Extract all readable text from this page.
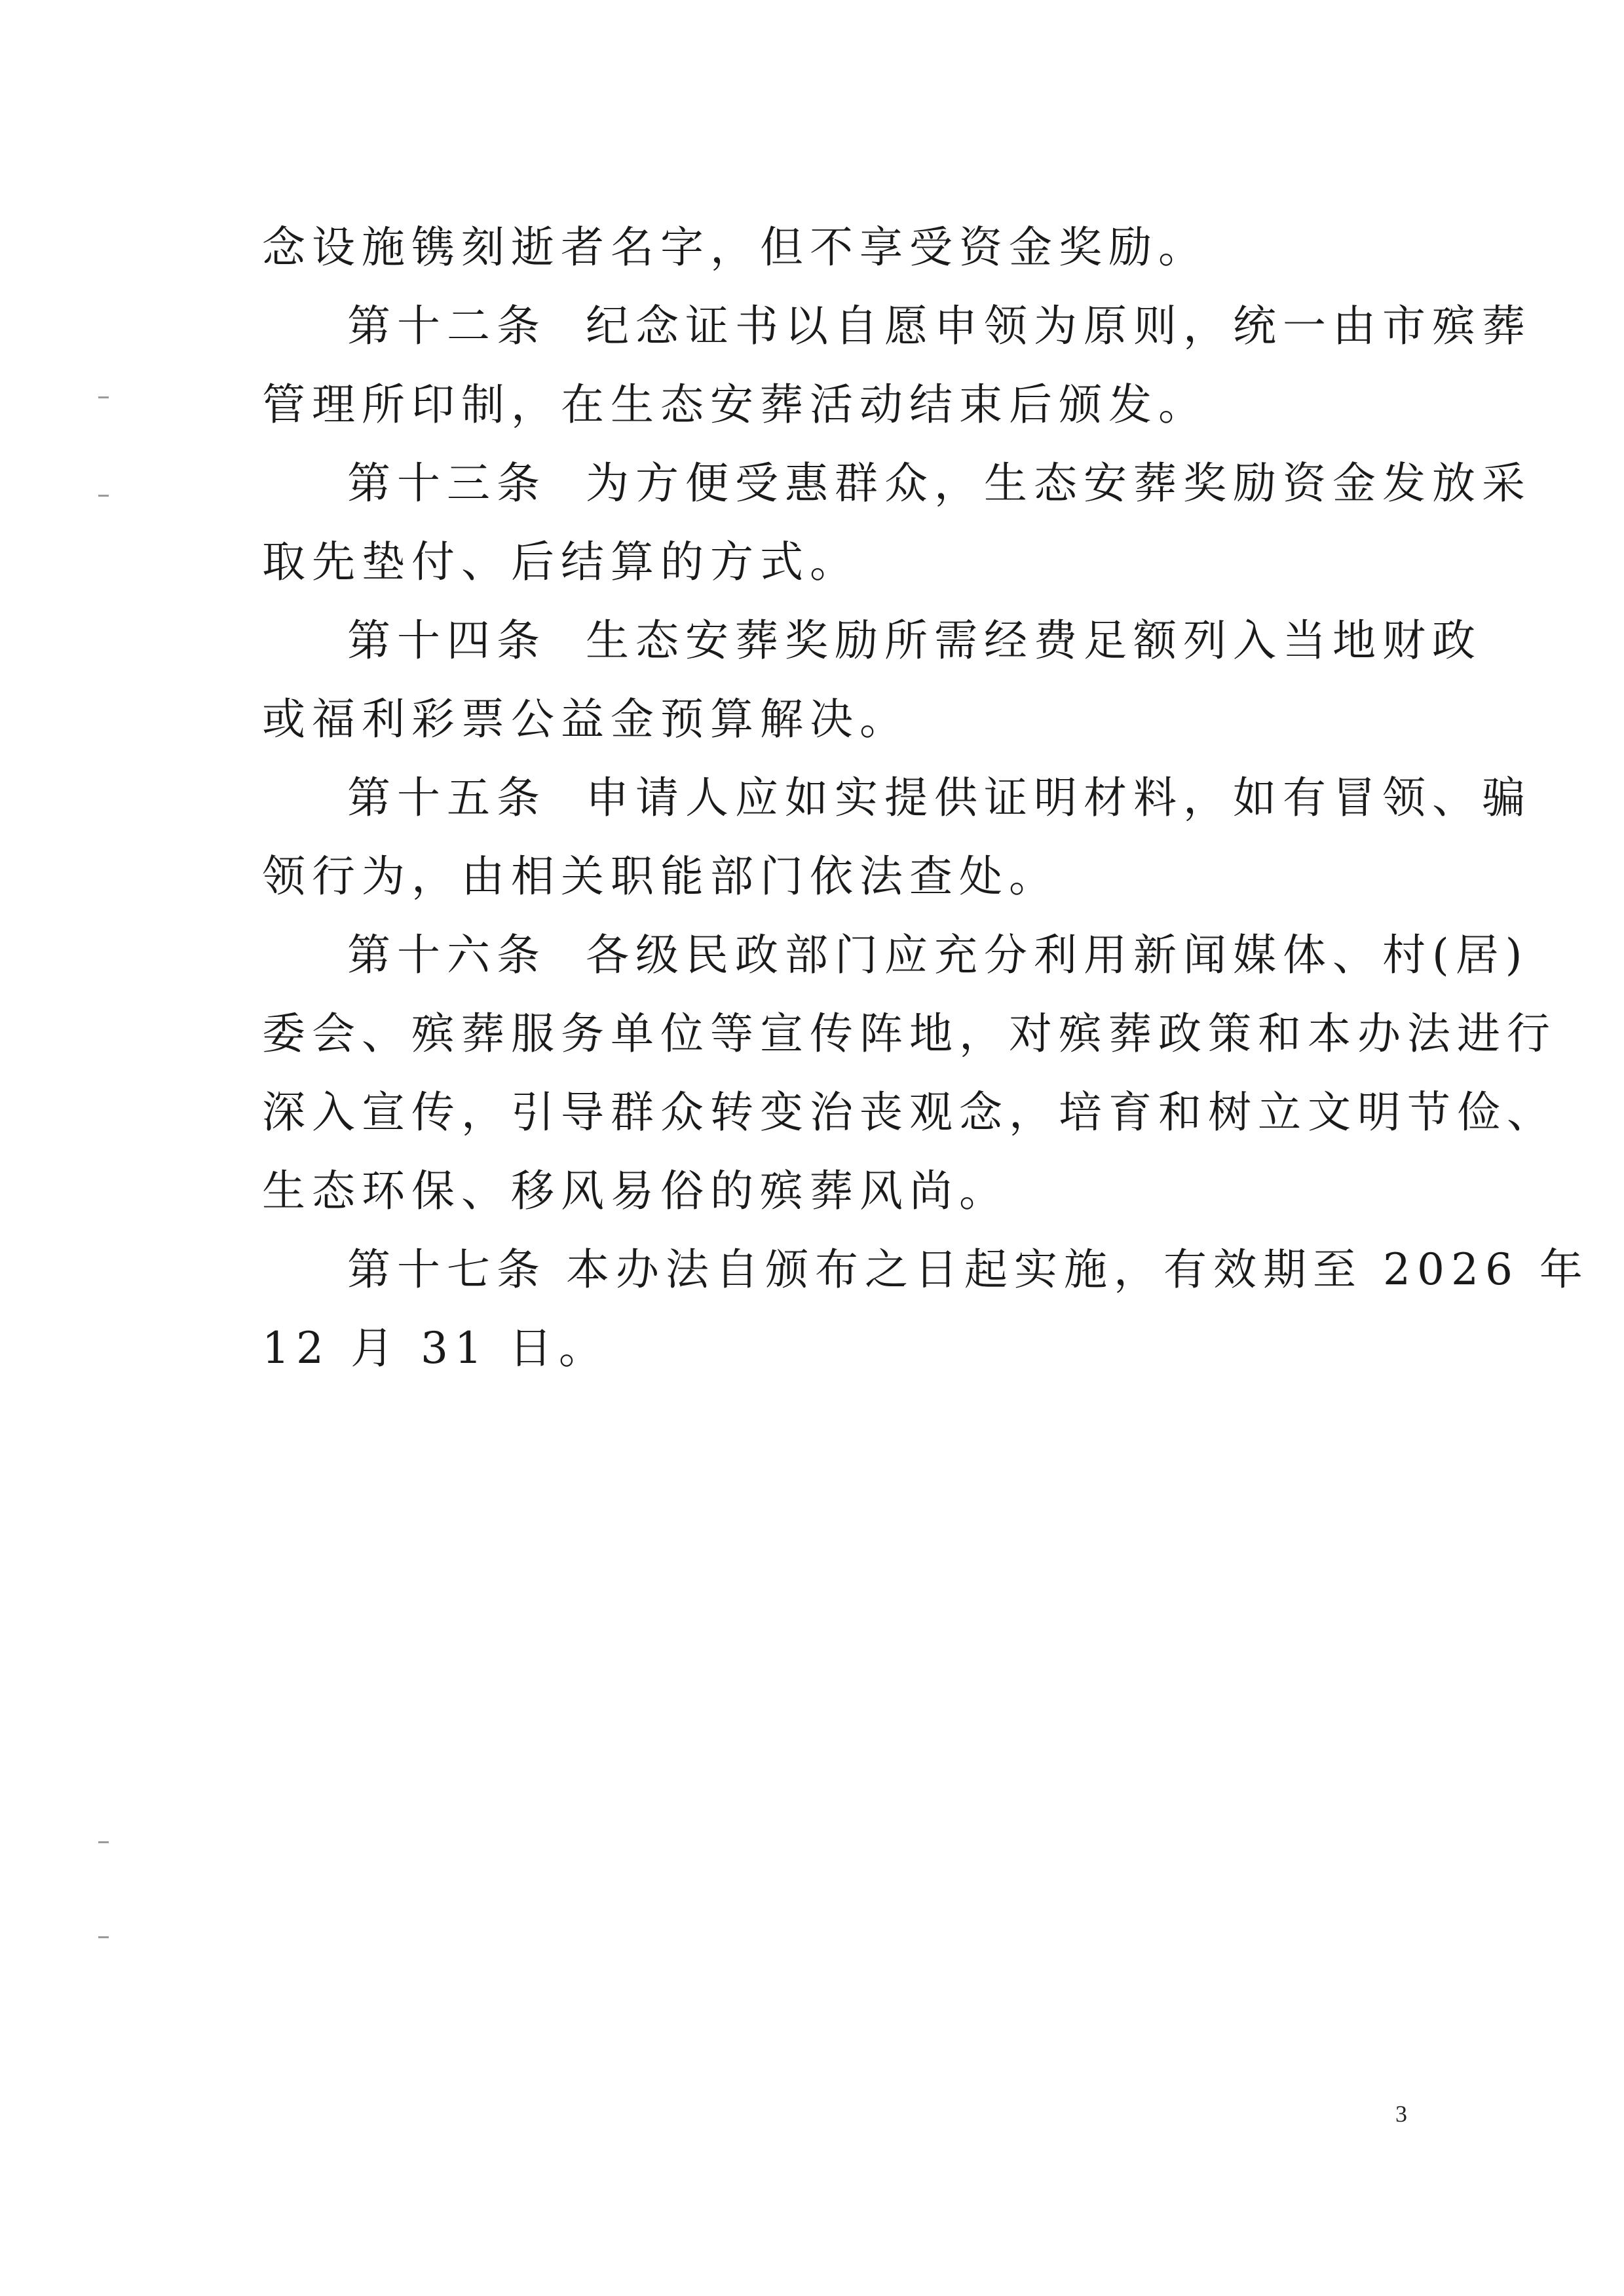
念设施镌刻逝者名字，但不享受资金奖励。
第十二条 纪念证书以自愿申领为原则，统一由市殡葬
管理所印制，在生态安葬活动结束后颁发。
第十三条 为方便受惠群众，生态安葬奖励资金发放采
取先垫付、后结算的方式。
第十四条 生态安葬奖励所需经费足额列入当地财政
或福利彩票公益金预算解决。
第十五条 申请人应如实提供证明材料，如有冒领、骗
领行为，由相关职能部门依法查处。
第十六条 各级民政部门应充分利用新闻媒体、村(居)
委会、殡葬服务单位等宣传阵地，对殡葬政策和本办法进行
深入宣传，引导群众转变治丧观念，培育和树立文明节俭、
生态环保、移风易俗的殡葬风尚。
第十七条 本办法自颁布之日起实施，有效期至 2026 年
12 月 31 日。
3
